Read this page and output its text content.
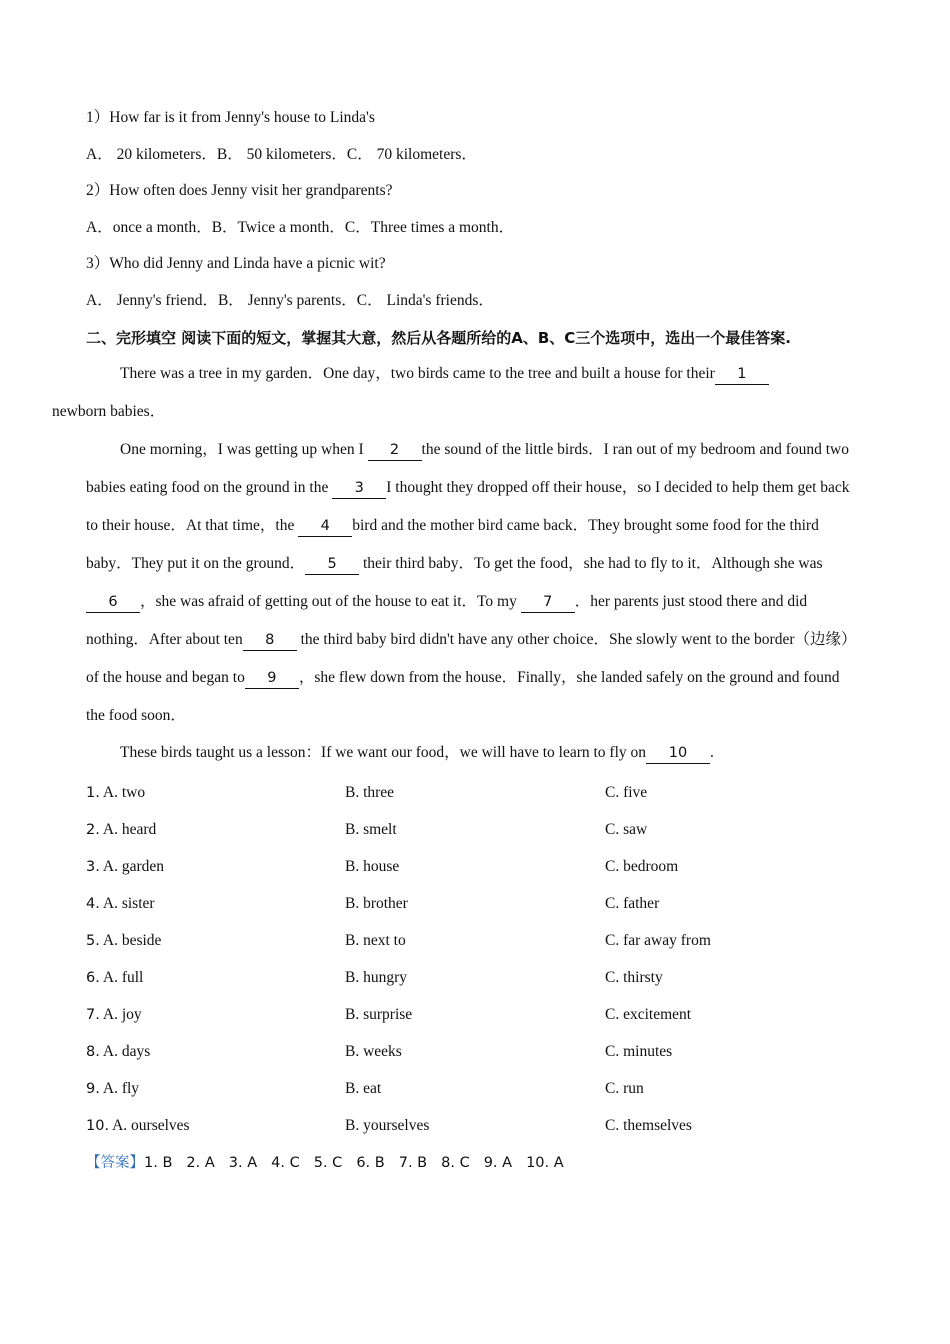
1）How far is it from Jenny's house to Linda's
A． 20 kilometers．B． 50 kilometers．C． 70 kilometers．
2）How often does Jenny visit her grandparents?
A．once a month．B．Twice a month．C．Three times a month．
3）Who did Jenny and Linda have a picnic wit?
A． Jenny's friend．B． Jenny's parents．C． Linda's friends．
二、完形填空 阅读下面的短文，掌握其大意，然后从各题所给的A、B、C三个选项中，选出一个最佳答案.

There was a tree in my garden．One day，two birds came to the tree and built a house for their 1
newborn babies．

One morning，I was getting up when I 2 the sound of the little birds．I ran out of my bedroom and found two babies eating food on the ground in the 3 I thought they dropped off their house，so I decided to help them get back to their house．At that time，the 4 bird and the mother bird came back．They brought some food for the third baby．They put it on the ground． 5 their third baby．To get the food，she had to fly to it．Although she was6 ，she was afraid of getting out of the house to eat it．To my 7 ．her parents just stood there and did nothing．After about ten 8 the third baby bird didn't have any other choice．She slowly went to the border（边缘）of the house and began to 9 ，she flew down from the house．Finally，she landed safely on the ground and found the food soon．

These birds taught us a lesson：If we want our food，we will have to learn to fly on 10 .

1. A. two	B. three	C. five
2. A. heard	B. smelt	C. saw
3. A. garden	B. house	C. bedroom
4. A. sister	B. brother	C. father
5. A. beside	B. next to	C. far away from
6. A. full	B. hungry	C. thirsty
7. A. joy	B. surprise	C. excitement
8. A. days	B. weeks	C. minutes
9. A. fly	B. eat	C. run
10. A. ourselves	B. yourselves	C. themselves
【答案】1. B 2. A 3. A 4. C 5. C 6. B 7. B 8. C 9. A 10. A
